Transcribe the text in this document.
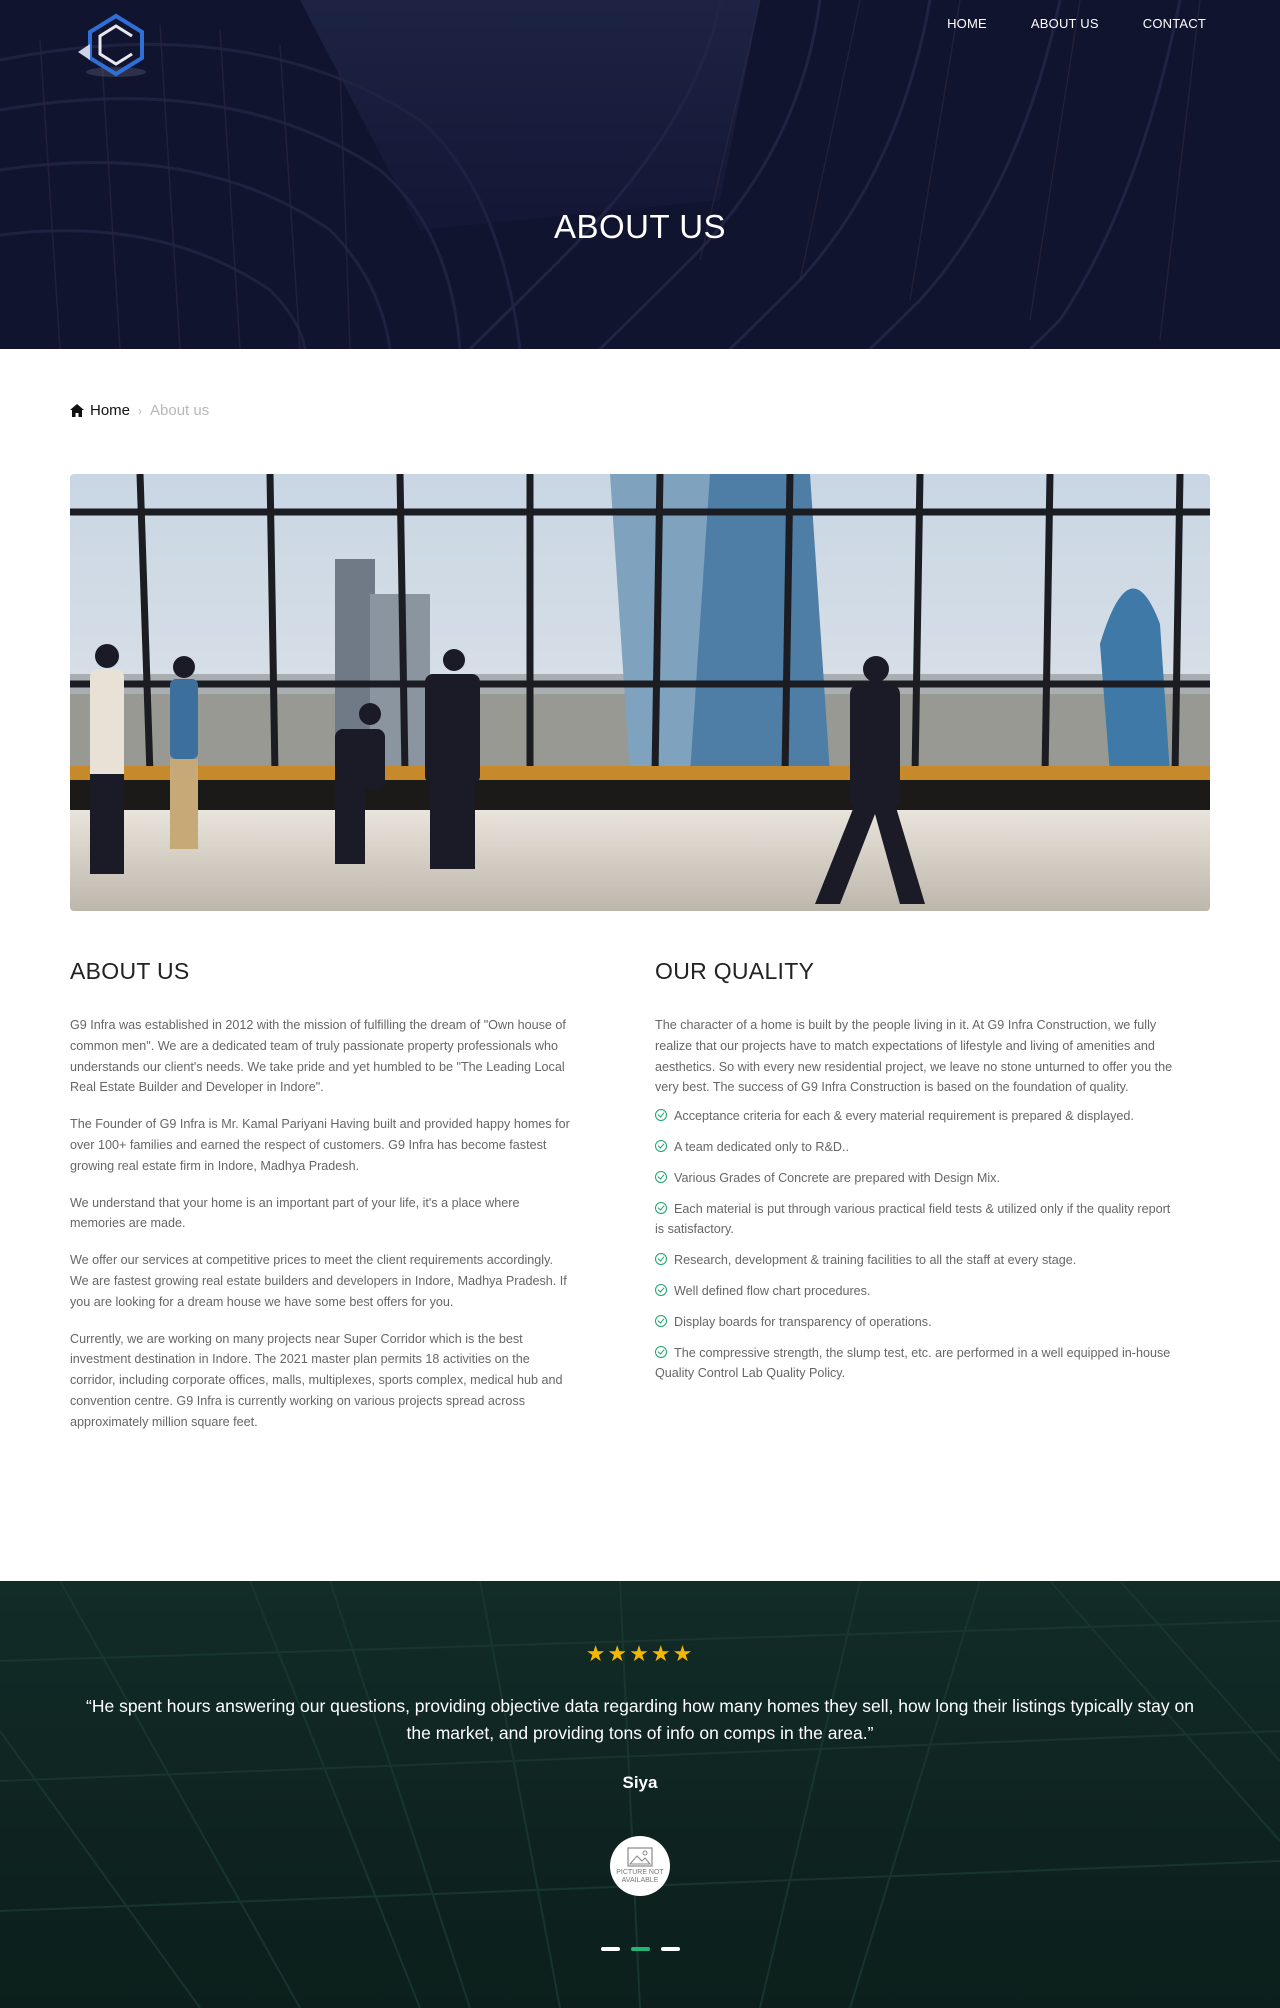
HOME	ABOUT US	CONTACT
ABOUT US
Home › About us
ABOUT US

G9 Infra was established in 2012 with the mission of fulfilling the dream of "Own house of common men". We are a dedicated team of truly passionate property professionals who understands our client's needs. We take pride and yet humbled to be "The Leading Local Real Estate Builder and Developer in Indore".

The Founder of G9 Infra is Mr. Kamal Pariyani Having built and provided happy homes for over 100+ families and earned the respect of customers. G9 Infra has become fastest growing real estate firm in Indore, Madhya Pradesh.

We understand that your home is an important part of your life, it's a place where memories are made.

We offer our services at competitive prices to meet the client requirements accordingly. We are fastest growing real estate builders and developers in Indore, Madhya Pradesh. If you are looking for a dream house we have some best offers for you.

Currently, we are working on many projects near Super Corridor which is the best investment destination in Indore. The 2021 master plan permits 18 activities on the corridor, including corporate offices, malls, multiplexes, sports complex, medical hub and convention centre. G9 Infra is currently working on various projects spread across approximately million square feet.

OUR QUALITY

The character of a home is built by the people living in it. At G9 Infra Construction, we fully realize that our projects have to match expectations of lifestyle and living of amenities and aesthetics. So with every new residential project, we leave no stone unturned to offer you the very best. The success of G9 Infra Construction is based on the foundation of quality.

Acceptance criteria for each & every material requirement is prepared & displayed.
A team dedicated only to R&D..
Various Grades of Concrete are prepared with Design Mix.
Each material is put through various practical field tests & utilized only if the quality report is satisfactory.
Research, development & training facilities to all the staff at every stage.
Well defined flow chart procedures.
Display boards for transparency of operations.
The compressive strength, the slump test, etc. are performed in a well equipped in-house Quality Control Lab Quality Policy.
★★★★★

“He spent hours answering our questions, providing objective data regarding how many homes they sell, how long their listings typically stay on the market, and providing tons of info on comps in the area.”

Siya
PICTURE NOT AVAILABLE
